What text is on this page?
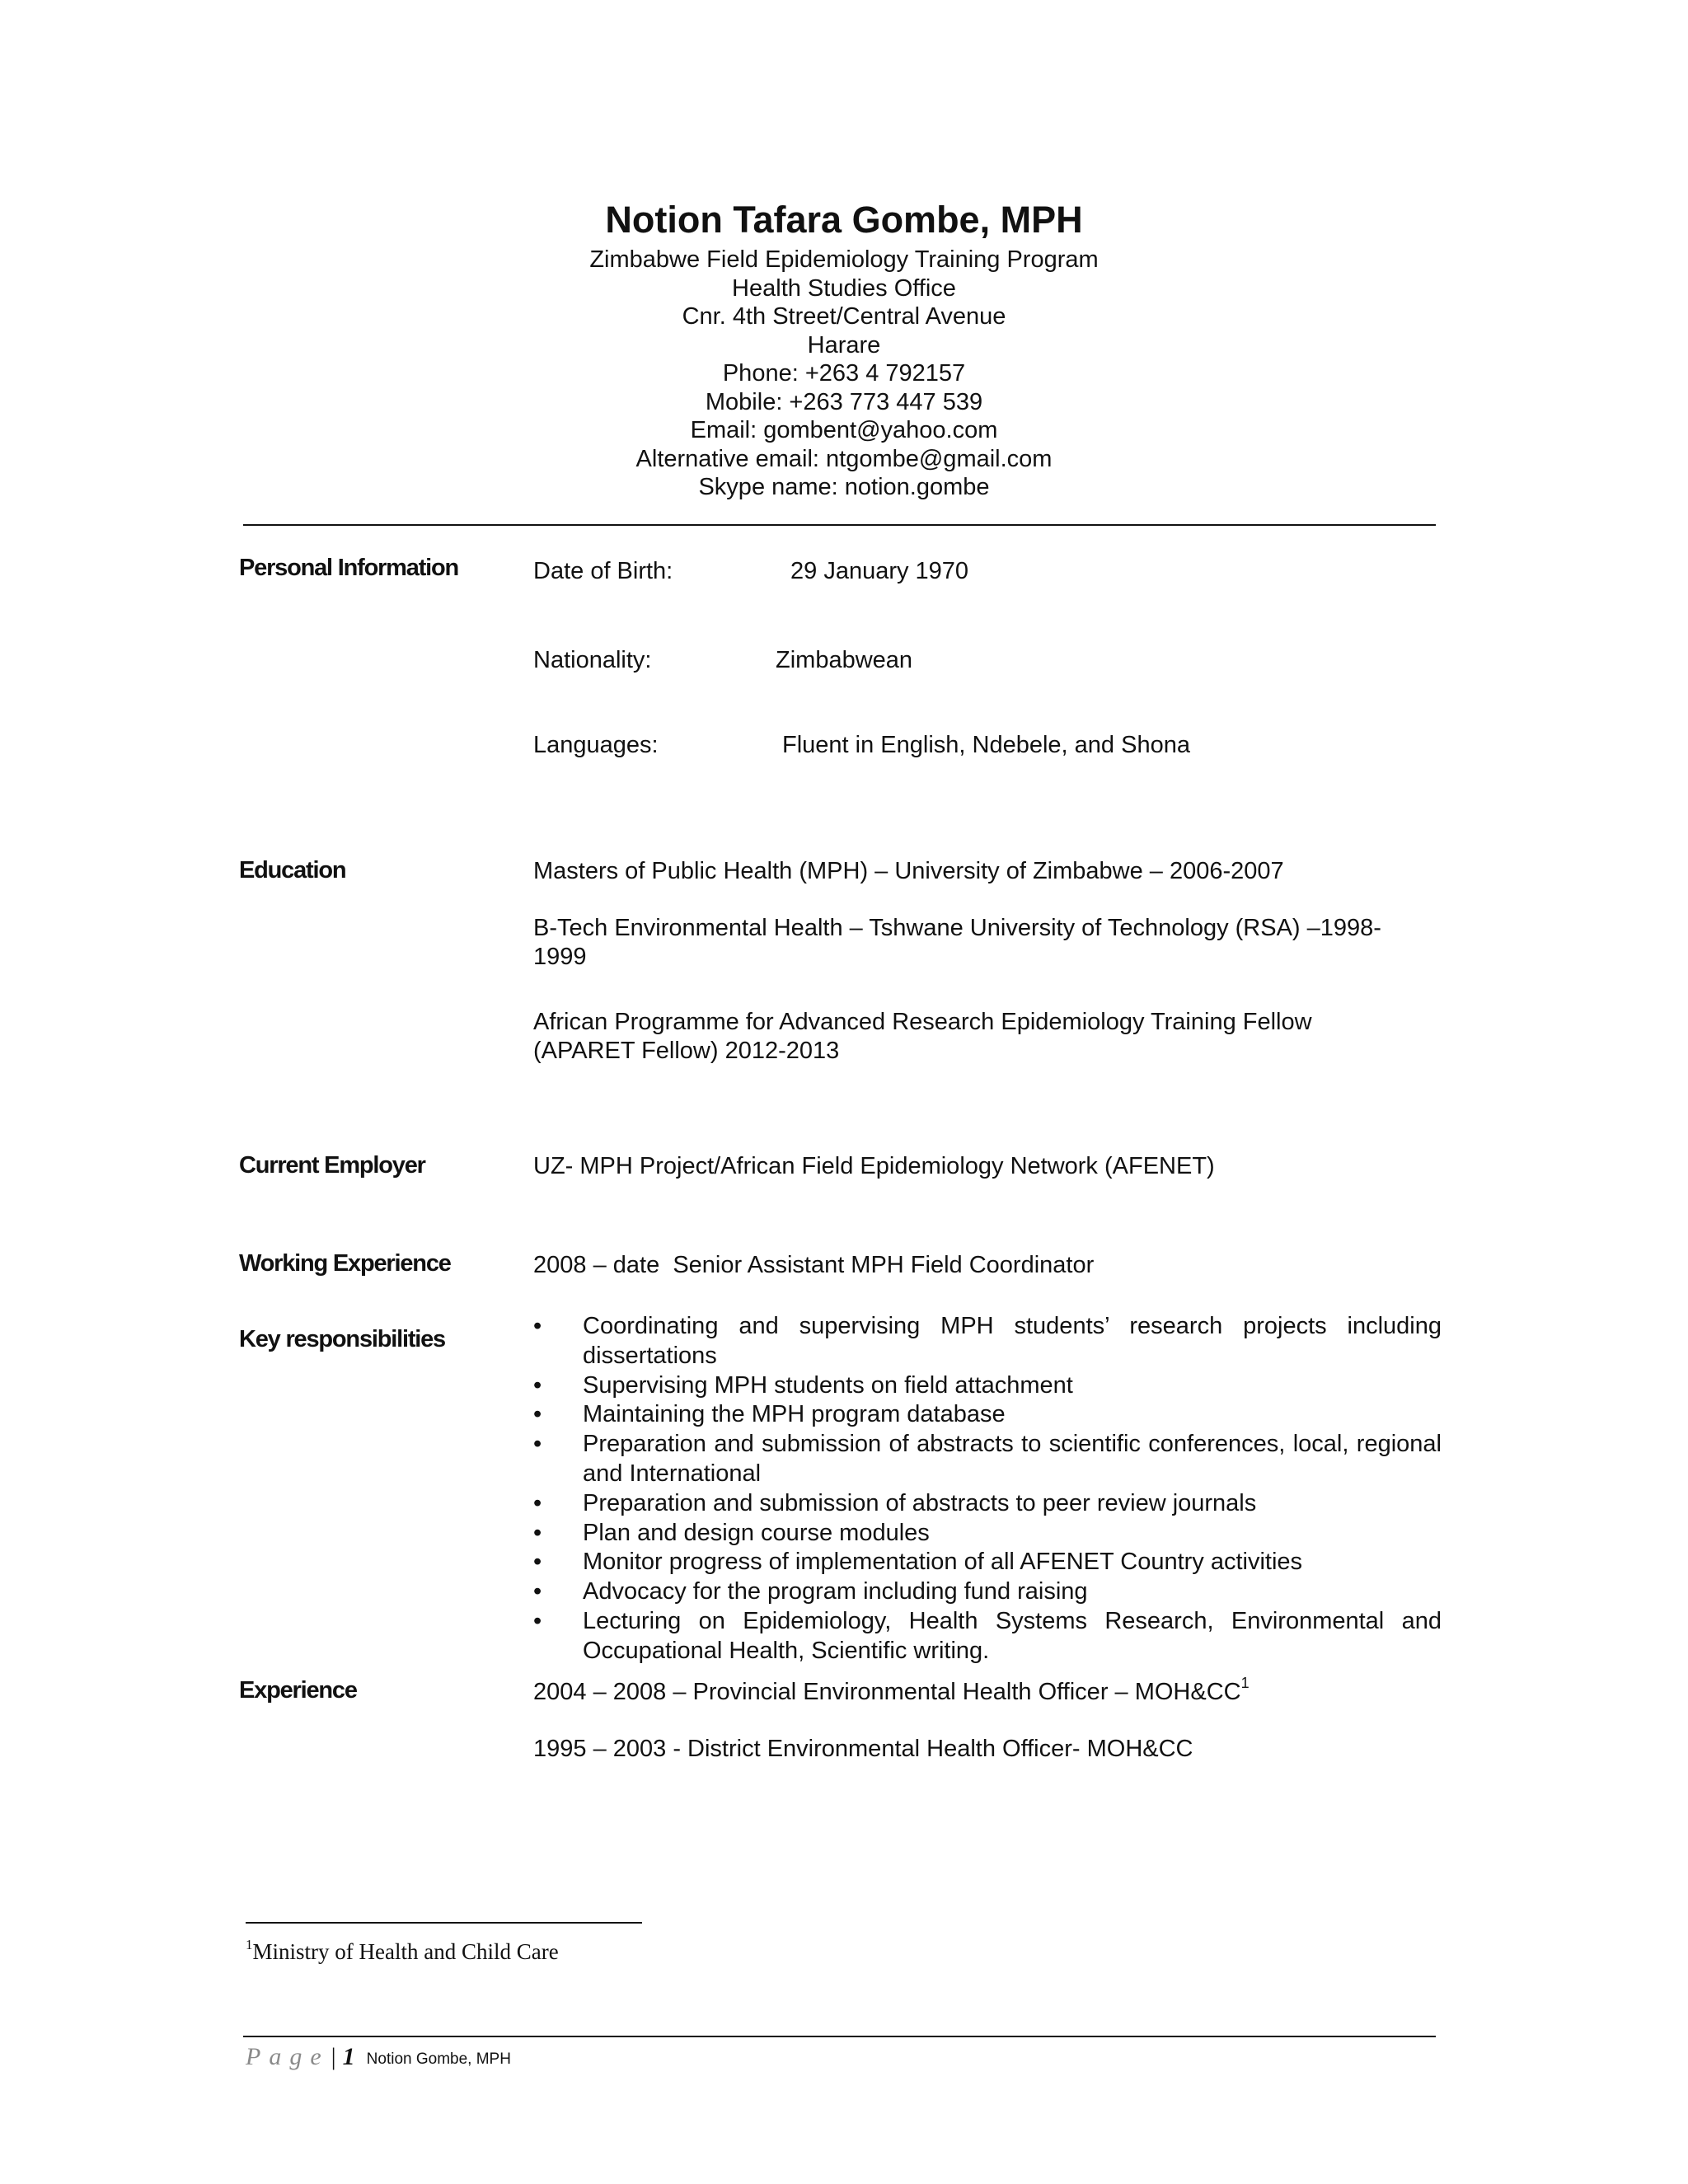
Notion Tafara Gombe, MPH
Zimbabwe Field Epidemiology Training Program
Health Studies Office
Cnr. 4th Street/Central Avenue
Harare
Phone: +263 4 792157
Mobile: +263 773 447 539
Email: gombent@yahoo.com
Alternative email: ntgombe@gmail.com
Skype name: notion.gombe
Personal Information	Date of Birth:	29 January 1970
Nationality:	Zimbabwean
Languages:	Fluent in English, Ndebele, and Shona
Education	Masters of Public Health (MPH) – University of Zimbabwe – 2006-2007
B-Tech Environmental Health – Tshwane University of Technology (RSA) –1998-1999
African Programme for Advanced Research Epidemiology Training Fellow (APARET Fellow) 2012-2013
Current Employer	UZ- MPH Project/African Field Epidemiology Network (AFENET)
Working Experience	2008 – date  Senior Assistant MPH Field Coordinator
Key responsibilities	• Coordinating and supervising MPH students’ research projects including dissertations
• Supervising MPH students on field attachment
• Maintaining the MPH program database
• Preparation and submission of abstracts to scientific conferences, local, regional and International
• Preparation and submission of abstracts to peer review journals
• Plan and design course modules
• Monitor progress of implementation of all AFENET Country activities
• Advocacy for the program including fund raising
• Lecturing on Epidemiology, Health Systems Research, Environmental and Occupational Health, Scientific writing.
Experience	2004 – 2008 – Provincial Environmental Health Officer – $MOH\&CC^1$
1995 – 2003 - District Environmental Health Officer- MOH&CC
$^1$Ministry of Health and Child Care
Page| 1 Notion Gombe, MPH
